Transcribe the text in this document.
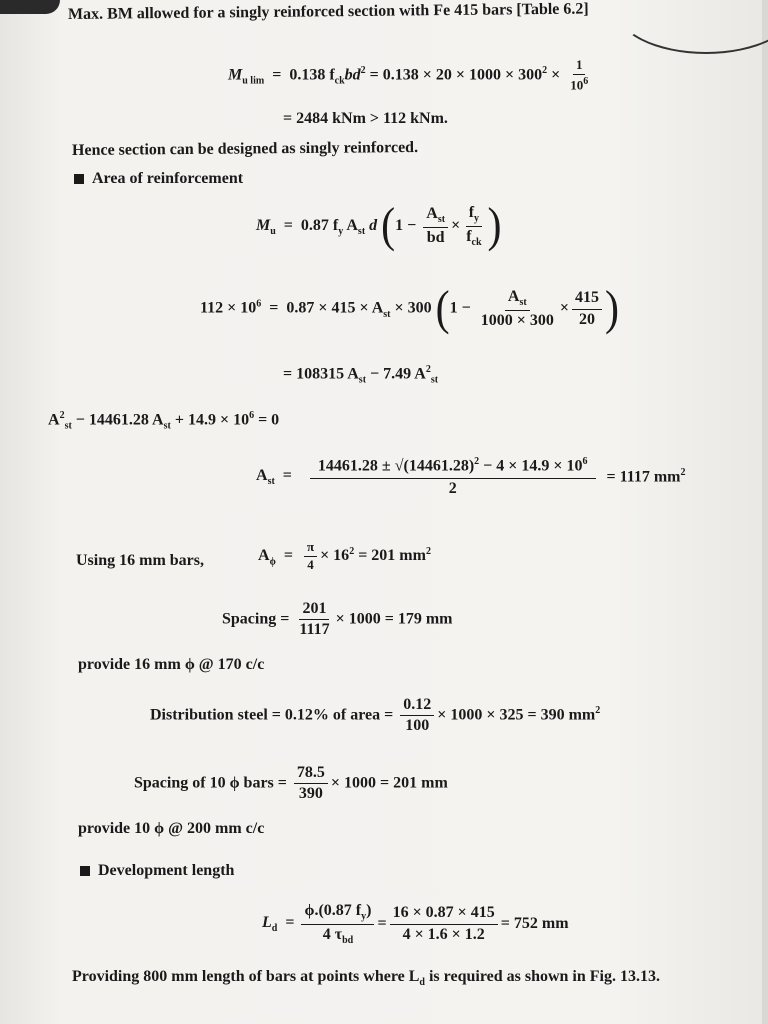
Max. BM allowed for a singly reinforced section with Fe 415 bars [Table 6.2]
$M_{u lim} = 0.138$ $f_{ck}bd^2 = 0.138 \times 20 \times 1000 \times 300^2 \times \frac{1}{10^6}$
= 2484 kNm > 112 kNm.
Hence section can be designed as singly reinforced.
Area of reinforcement
$M_u = 0.87$ $f_y$ $A_{st}$ d ($1 - \frac{A_{st}}{bd} \times \frac{f_y}{f_{ck}}$ )
$112 \times 10^6 = 0.87 \times 415 \times A_{st} \times 300$ ($1 - \frac{A_{st}}{1000 \times 300} \times \frac{415}{20}$ )
= 108315 $A_{st} - 7.49$ $A^2_{st}$
$A^2_{st} - 14461.28$ $A_{st} + 14.9 \times 10^6 = 0$
$A_{st} = \frac{14461.28 \pm √(14461.28)^2 - 4 \times 14.9 \times 10^6}{2} = 1117$ $mm^2$
Using 16 mm bars,	$A_\phi = \frac{\pi}{4} \times 16^2 = 201$ $mm^2$
Spacing = $\frac{201}{1117} \times 1000 = 179$ mm
provide 16 mm ϕ @ 170 c/c
Distribution steel = 0.12% of area = $\frac{0.12}{100} \times 1000 \times 325 = 390$ $mm^2$
Spacing of 10 ϕ bars = $\frac{78.5}{390} \times 1000 = 201$ mm
provide 10 ϕ @ 200 mm c/c
Development length
$L_d = \frac{\phi.(0.87 f_y)}{4 \tau_{bd}} = \frac{16 \times 0.87 \times 415}{4 \times 1.6 \times 1.2} = 752$ mm
Providing 800 mm length of bars at points where $L_d$ is required as shown in Fig. 13.13.
